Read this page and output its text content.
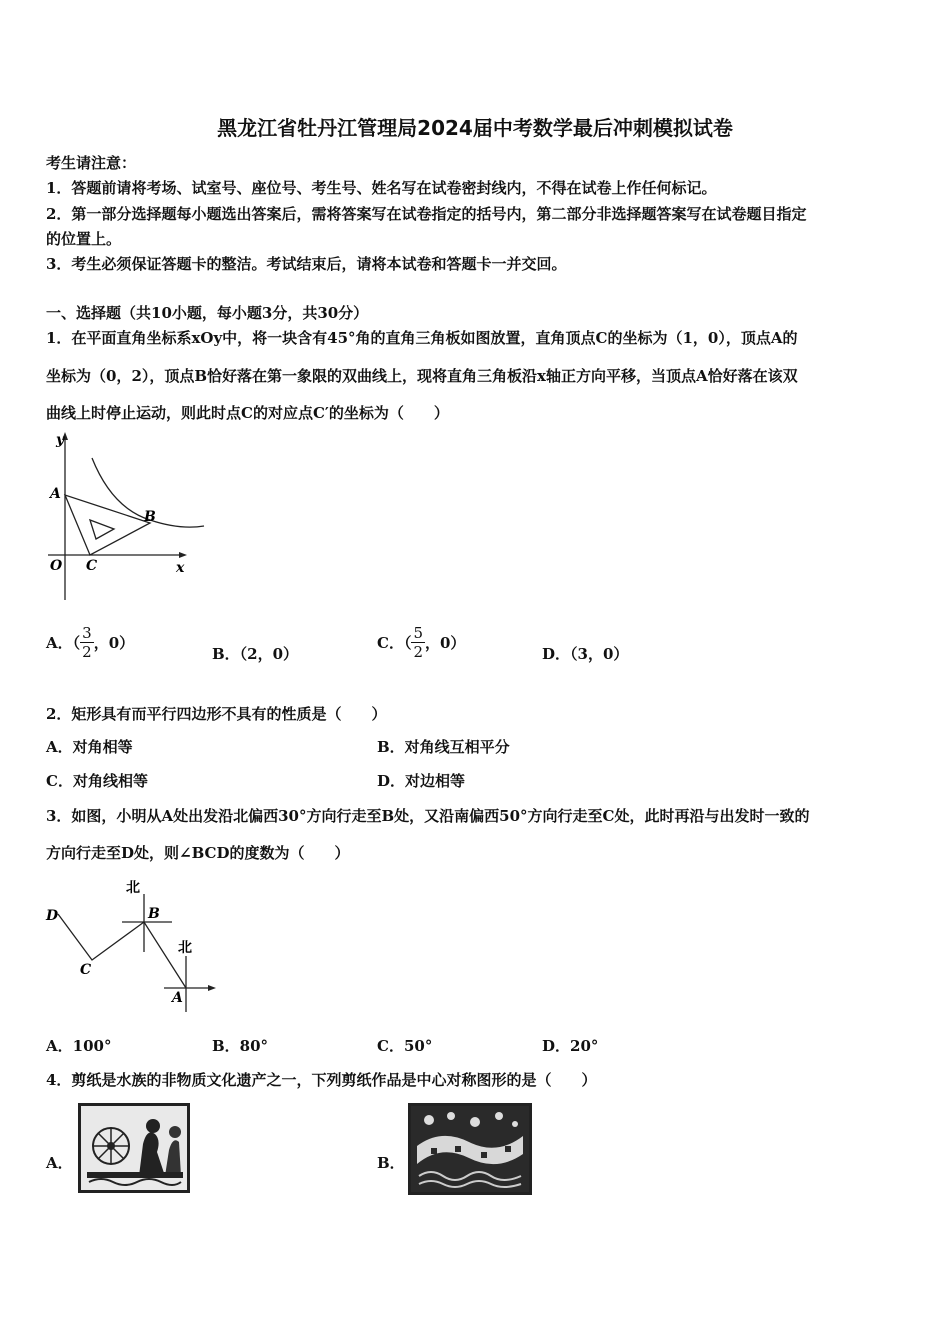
黑龙江省牡丹江管理局2024届中考数学最后冲刺模拟试卷
考生请注意：
1．答题前请将考场、试室号、座位号、考生号、姓名写在试卷密封线内，不得在试卷上作任何标记。
2．第一部分选择题每小题选出答案后，需将答案写在试卷指定的括号内，第二部分非选择题答案写在试卷题目指定
的位置上。
3．考生必须保证答题卡的整洁。考试结束后，请将本试卷和答题卡一并交回。
一、选择题（共10小题，每小题3分，共30分）
1．在平面直角坐标系xOy中，将一块含有45°角的直角三角板如图放置，直角顶点C的坐标为（1，0），顶点A的
坐标为（0，2），顶点B恰好落在第一象限的双曲线上，现将直角三角板沿x轴正方向平移，当顶点A恰好落在该双
曲线上时停止运动，则此时点C的对应点C′的坐标为（　　）
y
A
B
O C	x
A．（ $\frac{3}{2}$ ，0）
B．（2，0）
C．（ $\frac{5}{2}$ ，0）
D．（3，0）
2．矩形具有而平行四边形不具有的性质是（　　）
A．对角相等	B．对角线互相平分
C．对角线相等	D．对边相等
3．如图，小明从A处出发沿北偏西30°方向行走至B处，又沿南偏西50°方向行走至C处，此时再沿与出发时一致的
方向行走至D处，则∠BCD的度数为（　　）
北
北
D	B
C
A
A．100°	B．80°	C．50°	D．20°
4．剪纸是水族的非物质文化遗产之一，下列剪纸作品是中心对称图形的是（　　）
A．	B．
